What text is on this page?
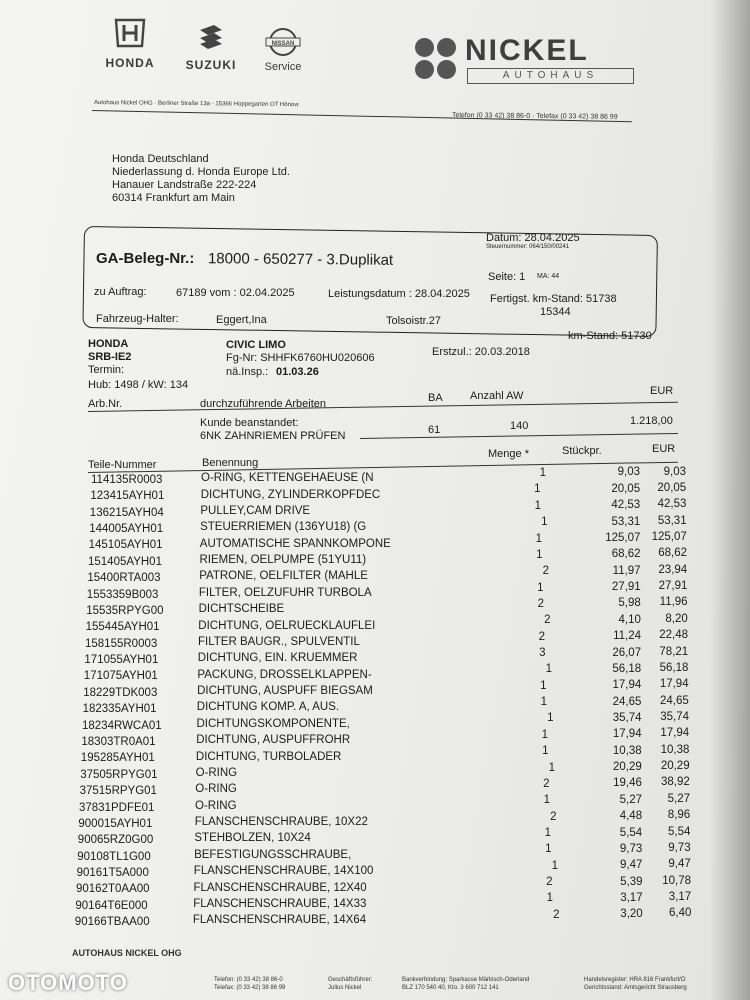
HONDA	SUZUKI
NISSAN
Service	NICKEL
AUTOHAUS
Autohaus Nickel OHG · Berliner Straße 13a · 15366 Hoppegarten OT Hönow
Telefon (0 33 42) 38 86-0 · Telefax (0 33 42) 38 86 99
Honda Deutschland
Niederlassung d. Honda Europe Ltd.
Hanauer Landstraße 222-224
60314 Frankfurt am Main
Datum: 28.04.2025
Steuernummer: 064/150/00241
GA-Beleg-Nr.: 18000 - 650277 - 3.Duplikat
Seite: 1 MA: 44
zu Auftrag:	67189 vom : 02.04.2025	Leistungsdatum : 28.04.2025 Fertigst. km-Stand: 51738
15344
Fahrzeug-Halter:	Eggert,Ina	Tolsoistr.27
km-Stand: 51730
HONDA	CIVIC LIMO
SRB-IE2	Fg-Nr: SHHFK6760HU020606	Erstzul.: 20.03.2018
Termin:	nä.Insp.: 01.03.26
Hub: 1498 / kW: 134
Arb.Nr.	durchzuführende Arbeiten	BA Anzahl AW	EUR
Kunde beanstandet:
6NK ZAHNRIEMEN PRÜFEN	61	140	1.218,00
Menge *	Stückpr.	EUR
Teile-Nummer	Benennung
114135R0003	O-RING, KETTENGEHAEUSE (N	1	9,03	9,03
123415AYH01	DICHTUNG, ZYLINDERKOPFDEC	1	20,05	20,05
136215AYH04	PULLEY,CAM DRIVE	1	42,53	42,53
144005AYH01	STEUERRIEMEN (136YU18) (G	1	53,31	53,31
145105AYH01	AUTOMATISCHE SPANNKOMPONE	1	125,07 125,07
151405AYH01	RIEMEN, OELPUMPE (51YU11)	1	68,62	68,62
15400RTA003	PATRONE, OELFILTER (MAHLE	2	11,97	23,94
1553359B003	FILTER, OELZUFUHR TURBOLA	1	27,91	27,91
15535RPYG00	DICHTSCHEIBE	2	5,98	11,96
155445AYH01	DICHTUNG, OELRUECKLAUFLEI	2	4,10	8,20
158155R0003	FILTER BAUGR., SPULVENTIL	2	11,24	22,48
171055AYH01	DICHTUNG, EIN. KRUEMMER	3	26,07	78,21
171075AYH01	PACKUNG, DROSSELKLAPPEN-	1	56,18	56,18
18229TDK003	DICHTUNG, AUSPUFF BIEGSAM	1	17,94	17,94
182335AYH01	DICHTUNG KOMP. A, AUS.	1	24,65	24,65
18234RWCA01	DICHTUNGSKOMPONENTE,	1	35,74	35,74
18303TR0A01	DICHTUNG, AUSPUFFROHR	1	17,94	17,94
195285AYH01	DICHTUNG, TURBOLADER	1	10,38	10,38
37505RPYG01	O-RING	1	20,29	20,29
37515RPYG01	O-RING	2	19,46	38,92
37831PDFE01	O-RING	1	5,27	5,27
900015AYH01	FLANSCHENSCHRAUBE, 10X22	2	4,48	8,96
90065RZ0G00	STEHBOLZEN, 10X24	1	5,54	5,54
90108TL1G00	BEFESTIGUNGSSCHRAUBE,	1	9,73	9,73
90161T5A000	FLANSCHENSCHRAUBE, 14X100	1	9,47	9,47
90162T0AA00	FLANSCHENSCHRAUBE, 12X40	2	5,39	10,78
90164T6E000	FLANSCHENSCHRAUBE, 14X33	1	3,17	3,17
90166TBAA00	FLANSCHENSCHRAUBE, 14X64	2	3,20	6,40
AUTOHAUS NICKEL OHG
Telefon: (0 33 42) 38 86-0
Telefax: (0 33 42) 38 86 99
Geschäftsführer:
Julius Nickel
Bankverbindung: Sparkasse Märkisch-Oderland
BLZ 170 540 40, Kto. 3 600 712 141
Handelsregister: HRA 816 Frankfurt/O
Gerichtsstand: Amtsgericht Strausberg
OTOMOTO
